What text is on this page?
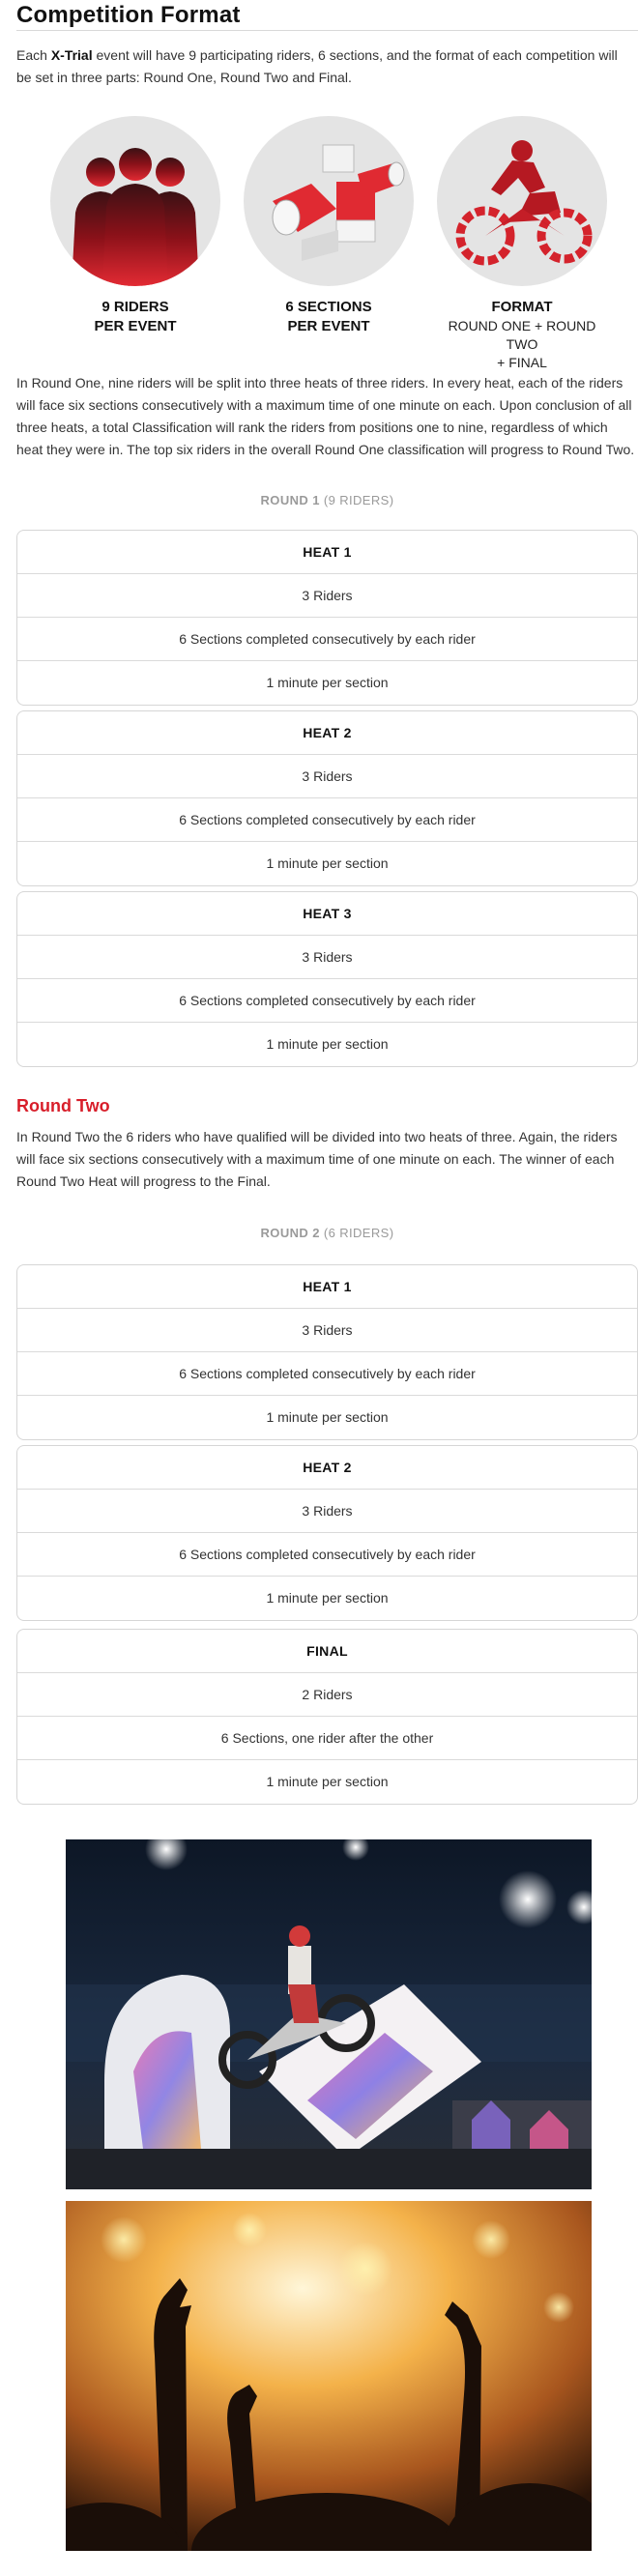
Competition Format

Each X-Trial event will have 9 participating riders, 6 sections, and the format of each competition will be set in three parts: Round One, Round Two and Final.

9 RIDERS
PER EVENT
6 SECTIONS
PER EVENT
FORMAT
ROUND ONE + ROUND TWO
+ FINAL

In Round One, nine riders will be split into three heats of three riders. In every heat, each of the riders will face six sections consecutively with a maximum time of one minute on each. Upon conclusion of all three heats, a total Classification will rank the riders from positions one to nine, regardless of which heat they were in. The top six riders in the overall Round One classification will progress to Round Two.

ROUND 1 (9 RIDERS)
HEAT 1
3 Riders
6 Sections completed consecutively by each rider
1 minute per section
HEAT 2
3 Riders
6 Sections completed consecutively by each rider
1 minute per section
HEAT 3
3 Riders
6 Sections completed consecutively by each rider
1 minute per section
Round Two

In Round Two the 6 riders who have qualified will be divided into two heats of three. Again, the riders will face six sections consecutively with a maximum time of one minute on each. The winner of each Round Two Heat will progress to the Final.

ROUND 2 (6 RIDERS)
HEAT 1
3 Riders
6 Sections completed consecutively by each rider
1 minute per section
HEAT 2
3 Riders
6 Sections completed consecutively by each rider
1 minute per section
FINAL
2 Riders
6 Sections, one rider after the other
1 minute per section
